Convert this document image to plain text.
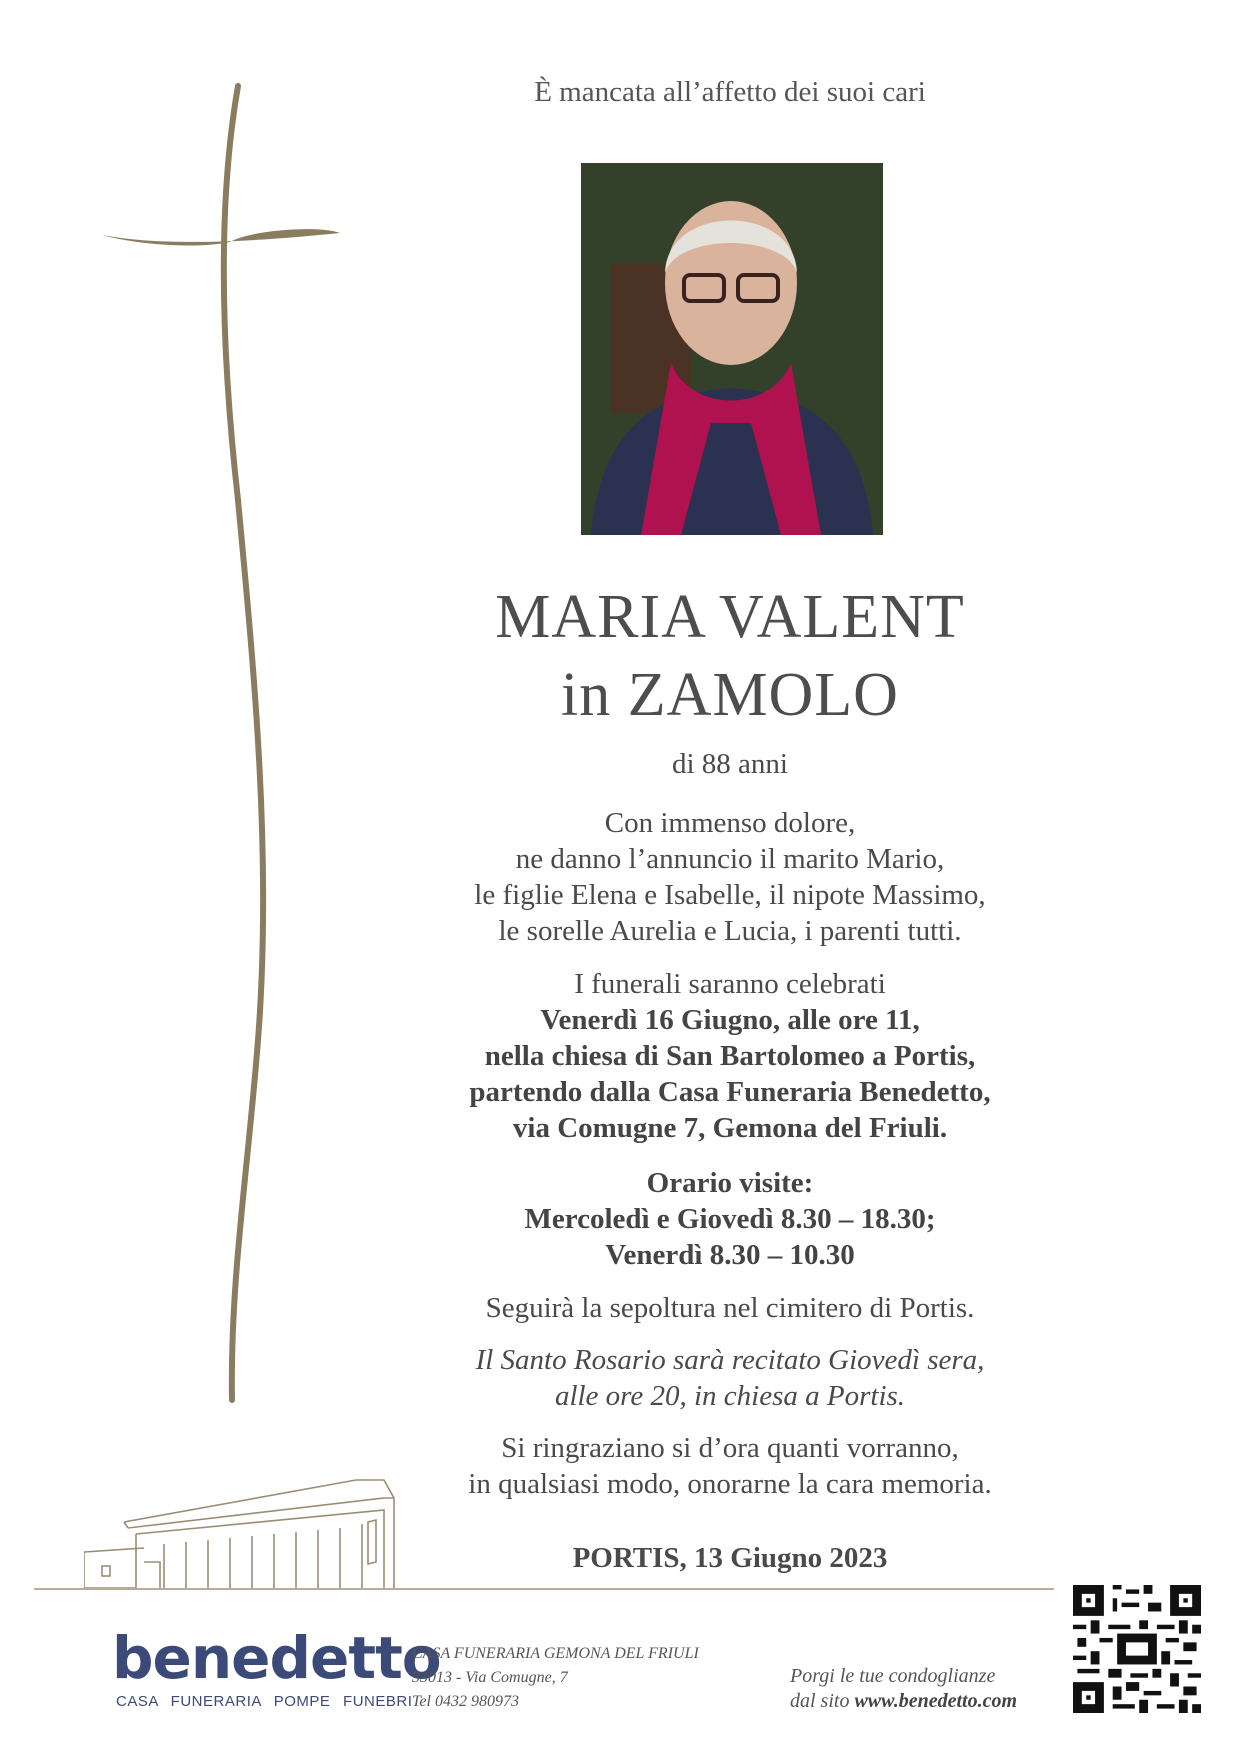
È mancata all’affetto dei suoi cari
MARIA VALENT
in ZAMOLO
di 88 anni
Con immenso dolore,
ne danno l’annuncio il marito Mario,
le figlie Elena e Isabelle, il nipote Massimo,
le sorelle Aurelia e Lucia, i parenti tutti.
I funerali saranno celebrati
Venerdì 16 Giugno, alle ore 11,
nella chiesa di San Bartolomeo a Portis,
partendo dalla Casa Funeraria Benedetto,
via Comugne 7, Gemona del Friuli.
Orario visite:
Mercoledì e Giovedì 8.30 – 18.30;
Venerdì 8.30 – 10.30
Seguirà la sepoltura nel cimitero di Portis.
Il Santo Rosario sarà recitato Giovedì sera,
alle ore 20, in chiesa a Portis.
Si ringraziano si d’ora quanti vorranno,
in qualsiasi modo, onorarne la cara memoria.
PORTIS, 13 Giugno 2023
benedetto
CASA FUNERARIA POMPE FUNEBRI
CASA FUNERARIA GEMONA DEL FRIULI
33013 - Via Comugne, 7
Tel 0432 980973
Porgi le tue condoglianze
dal sito www.benedetto.com
